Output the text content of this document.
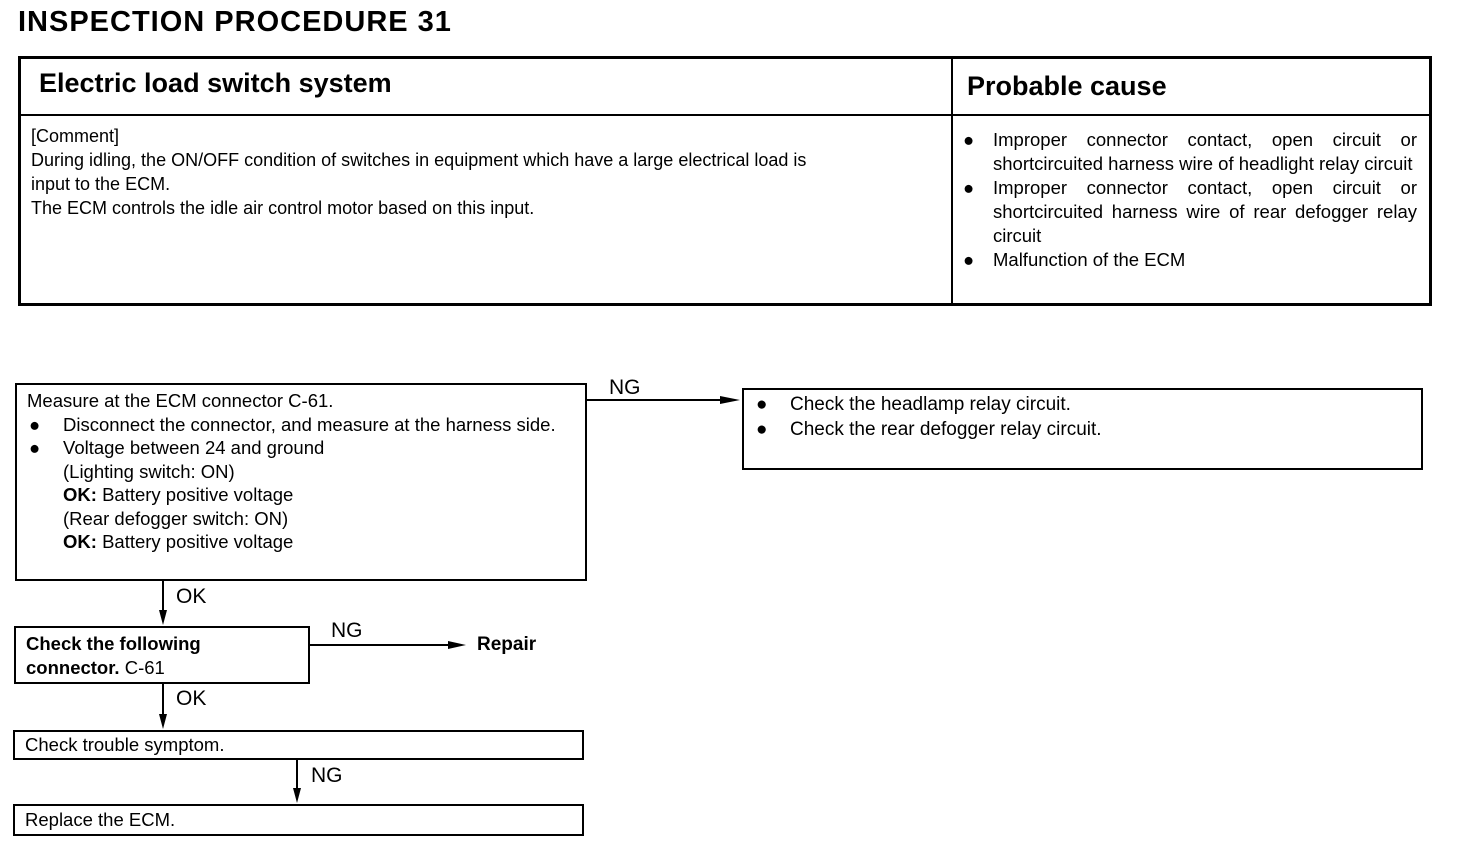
INSPECTION PROCEDURE 31
Electric load switch system	Probable cause
[Comment]
During idling, the ON/OFF condition of switches in equipment which have a large electrical load is
input to the ECM.
The ECM controls the idle air control motor based on this input.
● Improper connector contact, open circuit or shortcircuited harness wire of headlight relay circuit
● Improper connector contact, open circuit or shortcircuited harness wire of rear defogger relay circuit
● Malfunction of the ECM
Measure at the ECM connector C-61.
● Disconnect the connector, and measure at the harness side.
● Voltage between 24 and ground
(Lighting switch: ON)
OK: Battery positive voltage
(Rear defogger switch: ON)
OK: Battery positive voltage
NG
● Check the headlamp relay circuit.
● Check the rear defogger relay circuit.
OK
Check the following connector. C-61
NG
Repair
OK
Check trouble symptom.
NG
Replace the ECM.
